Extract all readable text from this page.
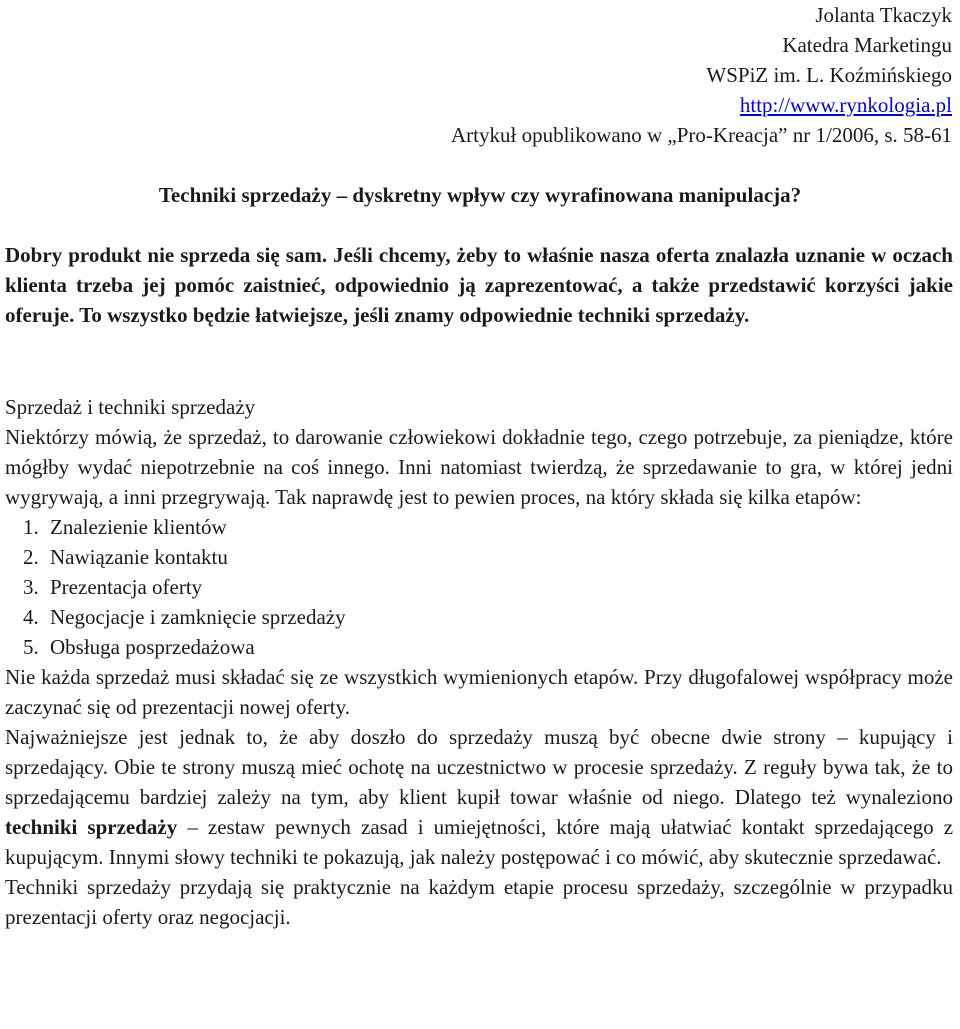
Jolanta Tkaczyk
Katedra Marketingu
WSPiZ im. L. Koźmińskiego
http://www.rynkologia.pl
Artykuł opublikowano w „Pro-Kreacja” nr 1/2006, s. 58-61
Techniki sprzedaży – dyskretny wpływ czy wyrafinowana manipulacja?
Dobry produkt nie sprzeda się sam. Jeśli chcemy, żeby to właśnie nasza oferta znalazła uznanie w oczach klienta trzeba jej pomóc zaistnieć, odpowiednio ją zaprezentować, a także przedstawić korzyści jakie oferuje. To wszystko będzie łatwiejsze, jeśli znamy odpowiednie techniki sprzedaży.
Sprzedaż i techniki sprzedaży
Niektórzy mówią, że sprzedaż, to darowanie człowiekowi dokładnie tego, czego potrzebuje, za pieniądze, które mógłby wydać niepotrzebnie na coś innego. Inni natomiast twierdzą, że sprzedawanie to gra, w której jedni wygrywają, a inni przegrywają. Tak naprawdę jest to pewien proces, na który składa się kilka etapów:
1. Znalezienie klientów
2. Nawiązanie kontaktu
3. Prezentacja oferty
4. Negocjacje i zamknięcie sprzedaży
5. Obsługa posprzedażowa
Nie każda sprzedaż musi składać się ze wszystkich wymienionych etapów. Przy długofalowej współpracy może zaczynać się od prezentacji nowej oferty.
Najważniejsze jest jednak to, że aby doszło do sprzedaży muszą być obecne dwie strony – kupujący i sprzedający. Obie te strony muszą mieć ochotę na uczestnictwo w procesie sprzedaży. Z reguły bywa tak, że to sprzedającemu bardziej zależy na tym, aby klient kupił towar właśnie od niego. Dlatego też wynaleziono techniki sprzedaży – zestaw pewnych zasad i umiejętności, które mają ułatwiać kontakt sprzedającego z kupującym. Innymi słowy techniki te pokazują, jak należy postępować i co mówić, aby skutecznie sprzedawać.
Techniki sprzedaży przydają się praktycznie na każdym etapie procesu sprzedaży, szczególnie w przypadku prezentacji oferty oraz negocjacji.
